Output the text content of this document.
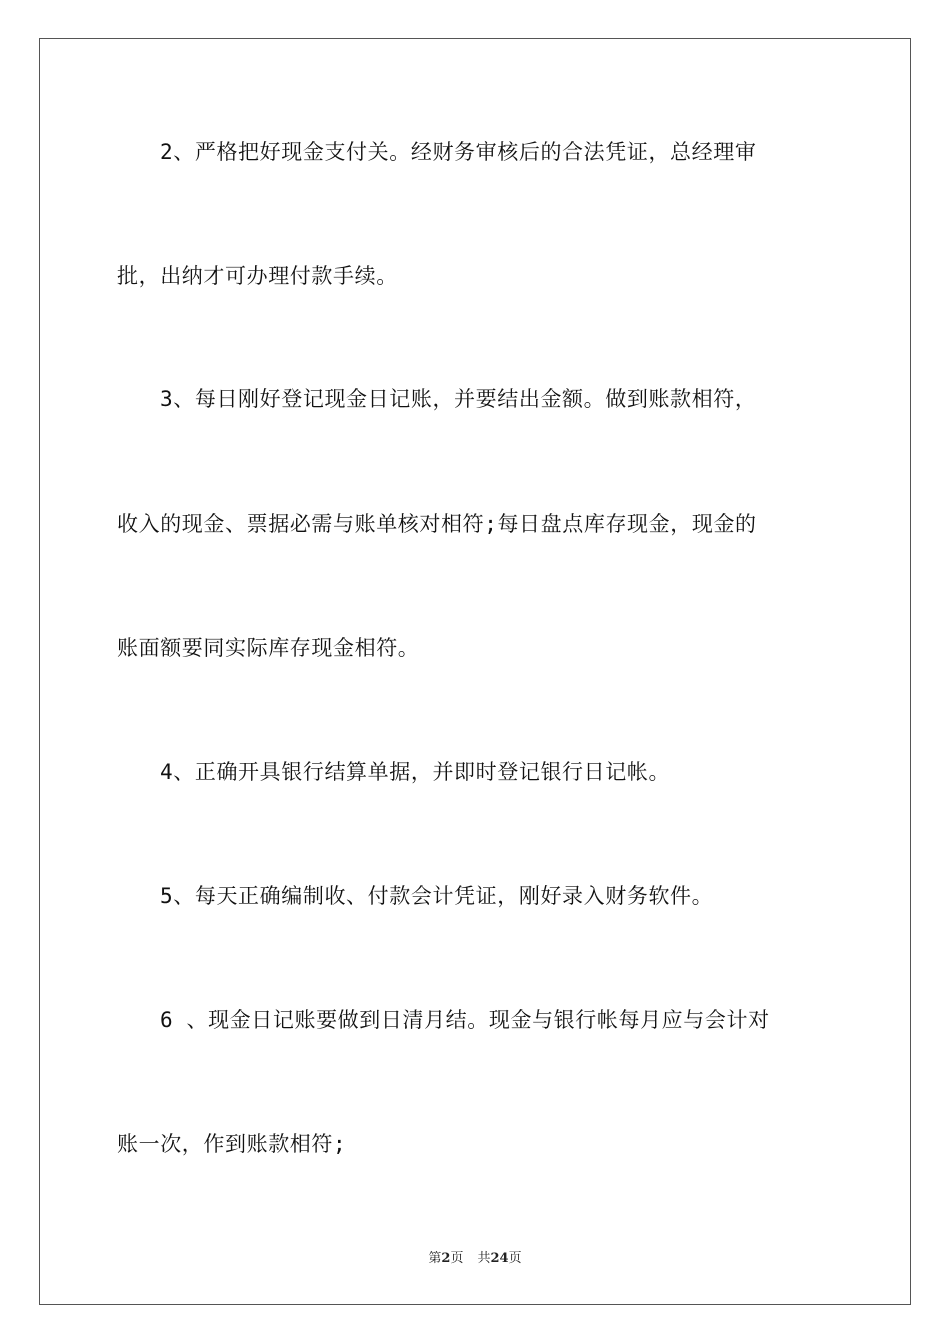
2、严格把好现金支付关。经财务审核后的合法凭证，总经理审
批，出纳才可办理付款手续。
3、每日刚好登记现金日记账，并要结出金额。做到账款相符，
收入的现金、票据必需与账单核对相符;每日盘点库存现金，现金的
账面额要同实际库存现金相符。
4、正确开具银行结算单据，并即时登记银行日记帐。
5、每天正确编制收、付款会计凭证，刚好录入财务软件。
6 、现金日记账要做到日清月结。现金与银行帐每月应与会计对
账一次，作到账款相符;
第2页 共24页
